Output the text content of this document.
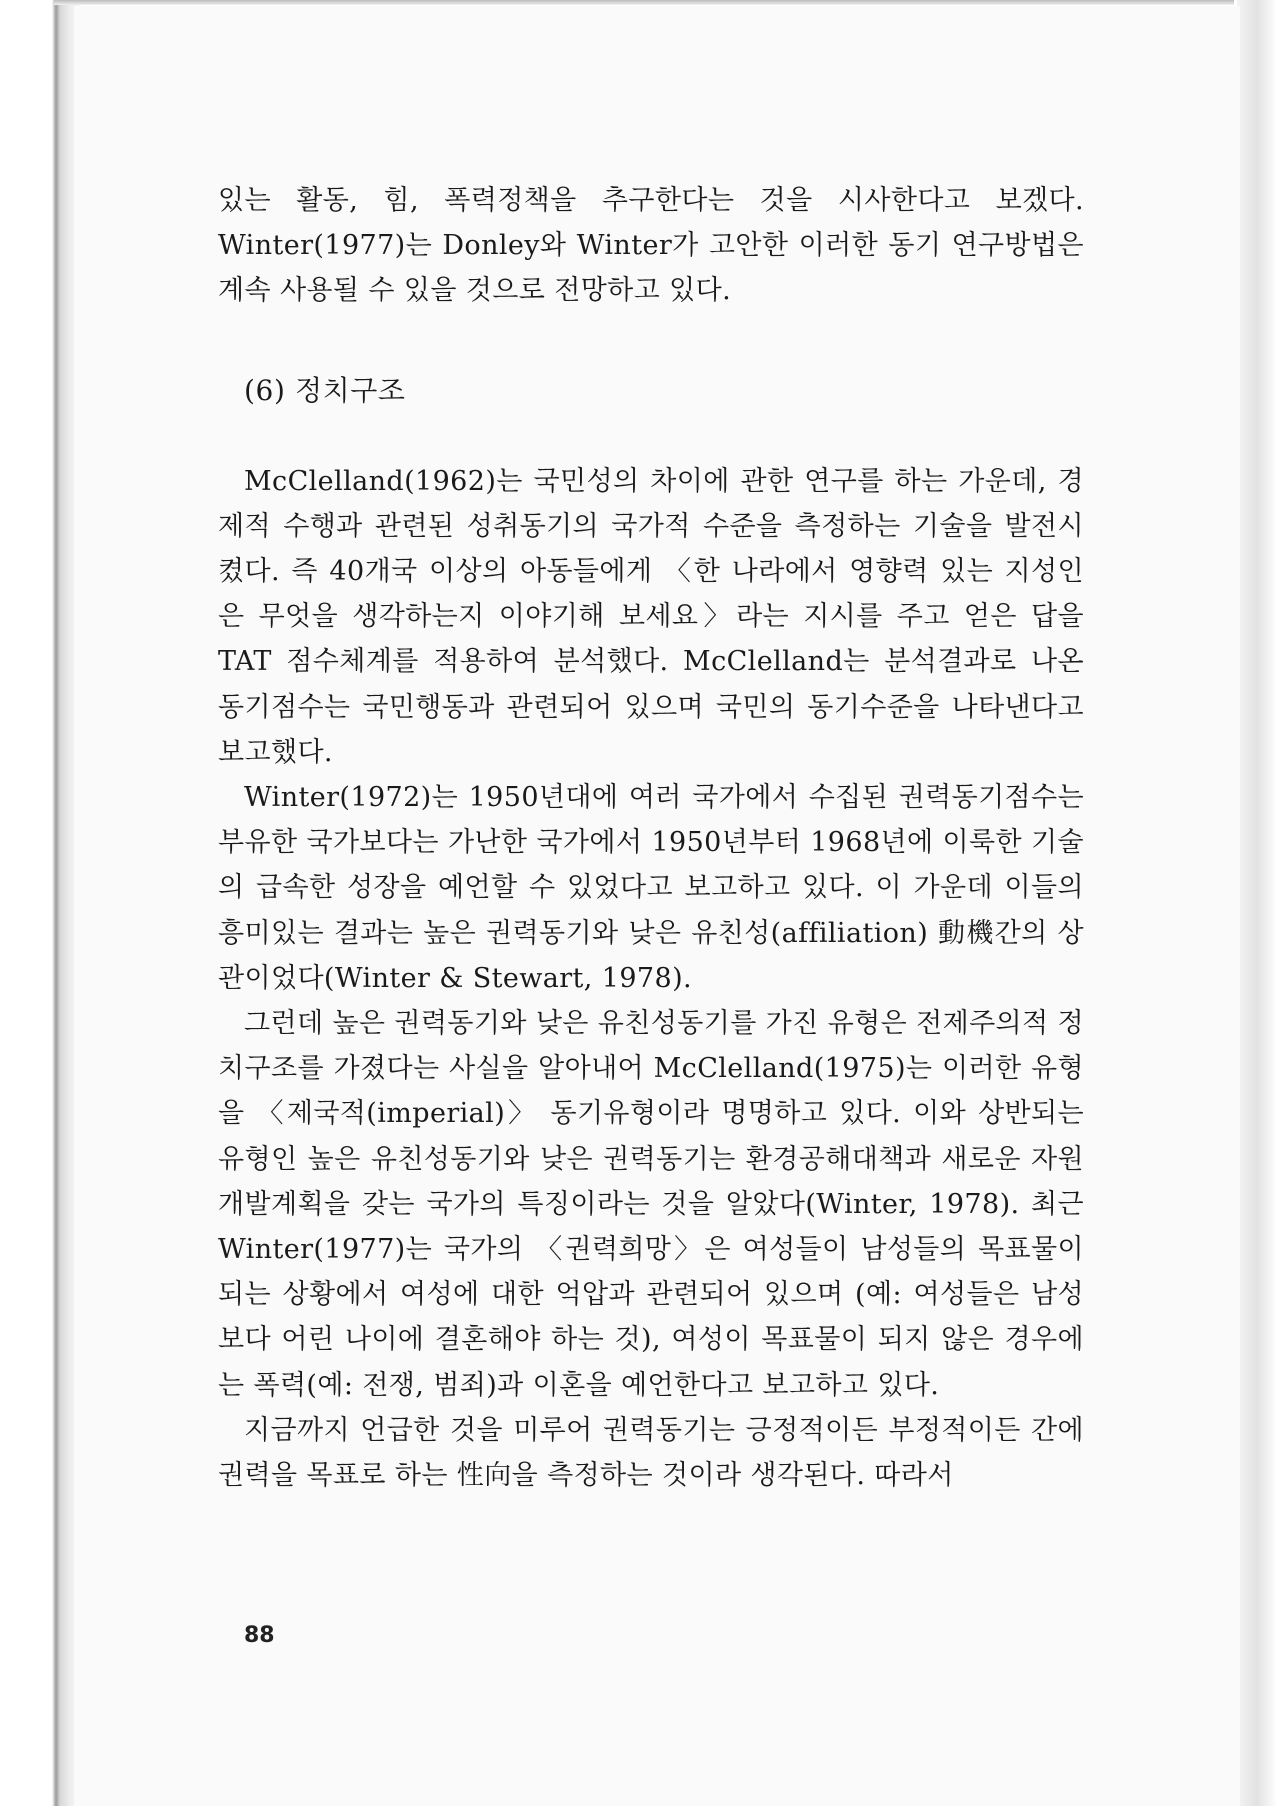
있는 활동, 힘, 폭력정책을 추구한다는 것을 시사한다고 보겠다. Winter(1977)는 Donley와 Winter가 고안한 이러한 동기 연구방법은 계속 사용될 수 있을 것으로 전망하고 있다.

(6) 정치구조

McClelland(1962)는 국민성의 차이에 관한 연구를 하는 가운데, 경제적 수행과 관련된 성취동기의 국가적 수준을 측정하는 기술을 발전시켰다. 즉 40개국 이상의 아동들에게 〈한 나라에서 영향력 있는 지성인은 무엇을 생각하는지 이야기해 보세요〉라는 지시를 주고 얻은 답을 TAT 점수체계를 적용하여 분석했다. McClelland는 분석결과로 나온 동기점수는 국민행동과 관련되어 있으며 국민의 동기수준을 나타낸다고 보고했다.

Winter(1972)는 1950년대에 여러 국가에서 수집된 권력동기점수는 부유한 국가보다는 가난한 국가에서 1950년부터 1968년에 이룩한 기술의 급속한 성장을 예언할 수 있었다고 보고하고 있다. 이 가운데 이들의 흥미있는 결과는 높은 권력동기와 낮은 유친성(affiliation) 動機간의 상관이었다(Winter & Stewart, 1978).

그런데 높은 권력동기와 낮은 유친성동기를 가진 유형은 전제주의적 정치구조를 가졌다는 사실을 알아내어 McClelland(1975)는 이러한 유형을 〈제국적(imperial)〉 동기유형이라 명명하고 있다. 이와 상반되는 유형인 높은 유친성동기와 낮은 권력동기는 환경공해대책과 새로운 자원개발계획을 갖는 국가의 특징이라는 것을 알았다(Winter, 1978). 최근 Winter(1977)는 국가의 〈권력희망〉은 여성들이 남성들의 목표물이 되는 상황에서 여성에 대한 억압과 관련되어 있으며 (예: 여성들은 남성보다 어린 나이에 결혼해야 하는 것), 여성이 목표물이 되지 않은 경우에는 폭력(예: 전쟁, 범죄)과 이혼을 예언한다고 보고하고 있다.

지금까지 언급한 것을 미루어 권력동기는 긍정적이든 부정적이든 간에 권력을 목표로 하는 性向을 측정하는 것이라 생각된다. 따라서

88
